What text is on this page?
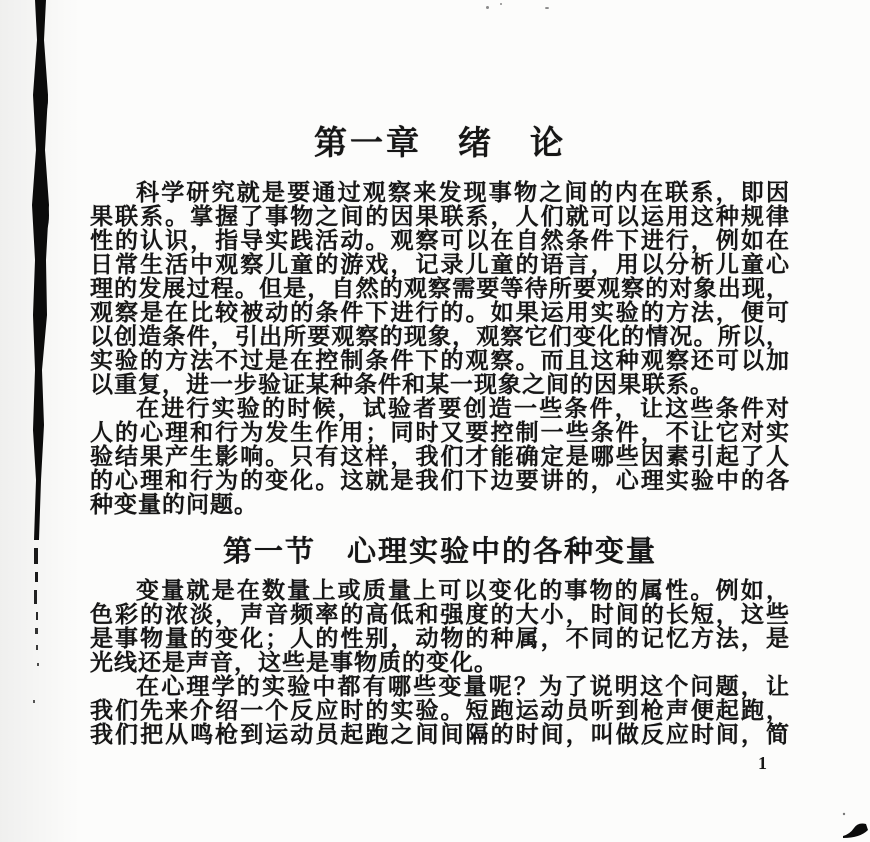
第一章　绪　论
科学研究就是要通过观察来发现事物之间的内在联系，即因
果联系。掌握了事物之间的因果联系，人们就可以运用这种规律
性的认识，指导实践活动。观察可以在自然条件下进行，例如在
日常生活中观察儿童的游戏，记录儿童的语言，用以分析儿童心
理的发展过程。但是，自然的观察需要等待所要观察的对象出现，
观察是在比较被动的条件下进行的。如果运用实验的方法，便可
以创造条件，引出所要观察的现象，观察它们变化的情况。所以，
实验的方法不过是在控制条件下的观察。而且这种观察还可以加
以重复，进一步验证某种条件和某一现象之间的因果联系。
在进行实验的时候，试验者要创造一些条件，让这些条件对
人的心理和行为发生作用；同时又要控制一些条件，不让它对实
验结果产生影响。只有这样，我们才能确定是哪些因素引起了人
的心理和行为的变化。这就是我们下边要讲的，心理实验中的各
种变量的问题。
第一节　心理实验中的各种变量
变量就是在数量上或质量上可以变化的事物的属性。例如，
色彩的浓淡，声音频率的高低和强度的大小，时间的长短，这些
是事物量的变化；人的性别，动物的种属，不同的记忆方法，是
光线还是声音，这些是事物质的变化。
在心理学的实验中都有哪些变量呢？为了说明这个问题，让
我们先来介绍一个反应时的实验。短跑运动员听到枪声便起跑，
我们把从鸣枪到运动员起跑之间间隔的时间，叫做反应时间，简
1
